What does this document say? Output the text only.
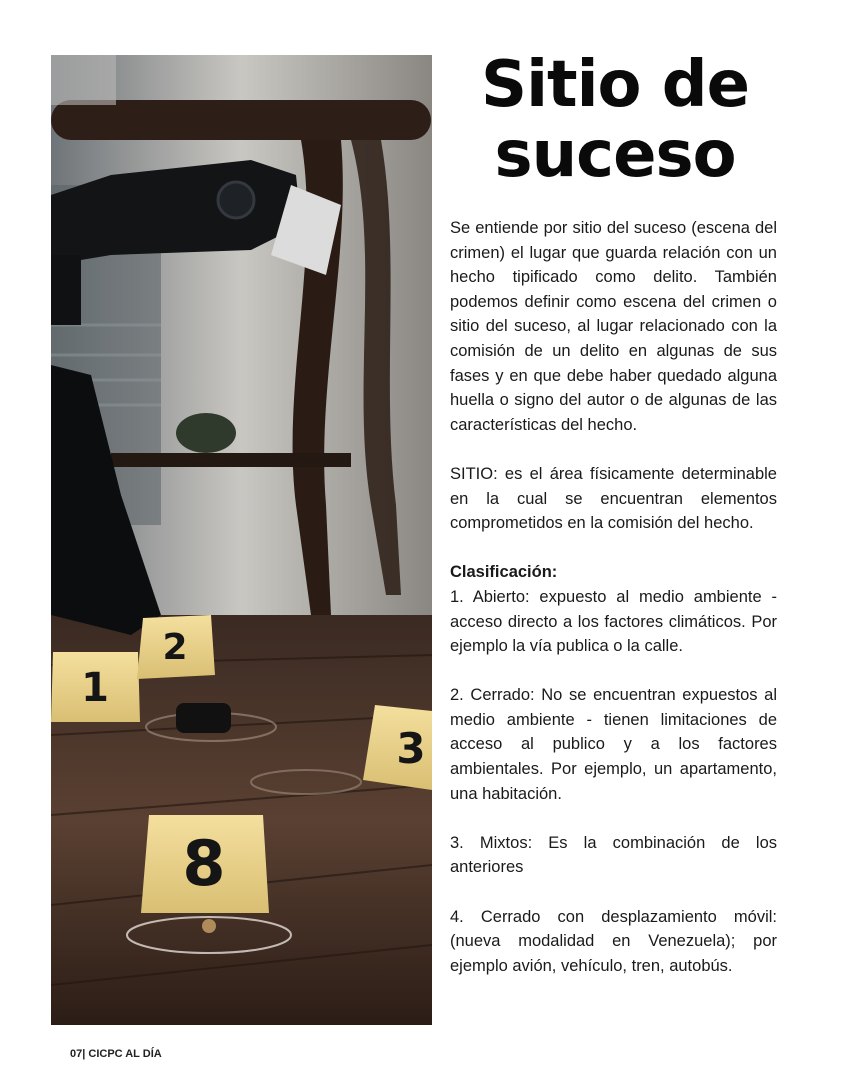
1
2
3
8
Sitio de
suceso

Se entiende por sitio del suceso (escena del crimen) el lugar que guarda relación con un hecho tipificado como delito. También podemos definir como escena del crimen o sitio del suceso, al lugar relacionado con la comisión de un delito en algunas de sus fases y en que debe haber quedado alguna huella o signo del autor o de algunas de las características del hecho.

SITIO: es el área físicamente determinable en la cual se encuentran elementos comprometidos en la comisión del hecho.

Clasificación:

1. Abierto: expuesto al medio ambiente - acceso directo a los factores climáticos. Por ejemplo la vía publica o la calle.

2. Cerrado: No se encuentran expuestos al medio ambiente - tienen limitaciones de acceso al publico y a los factores ambientales. Por ejemplo, un apartamento, una habitación.

3. Mixtos: Es la combinación de los anteriores

4. Cerrado con desplazamiento móvil: (nueva modalidad en Venezuela); por ejemplo avión, vehículo, tren, autobús.

07| CICPC AL DÍA
